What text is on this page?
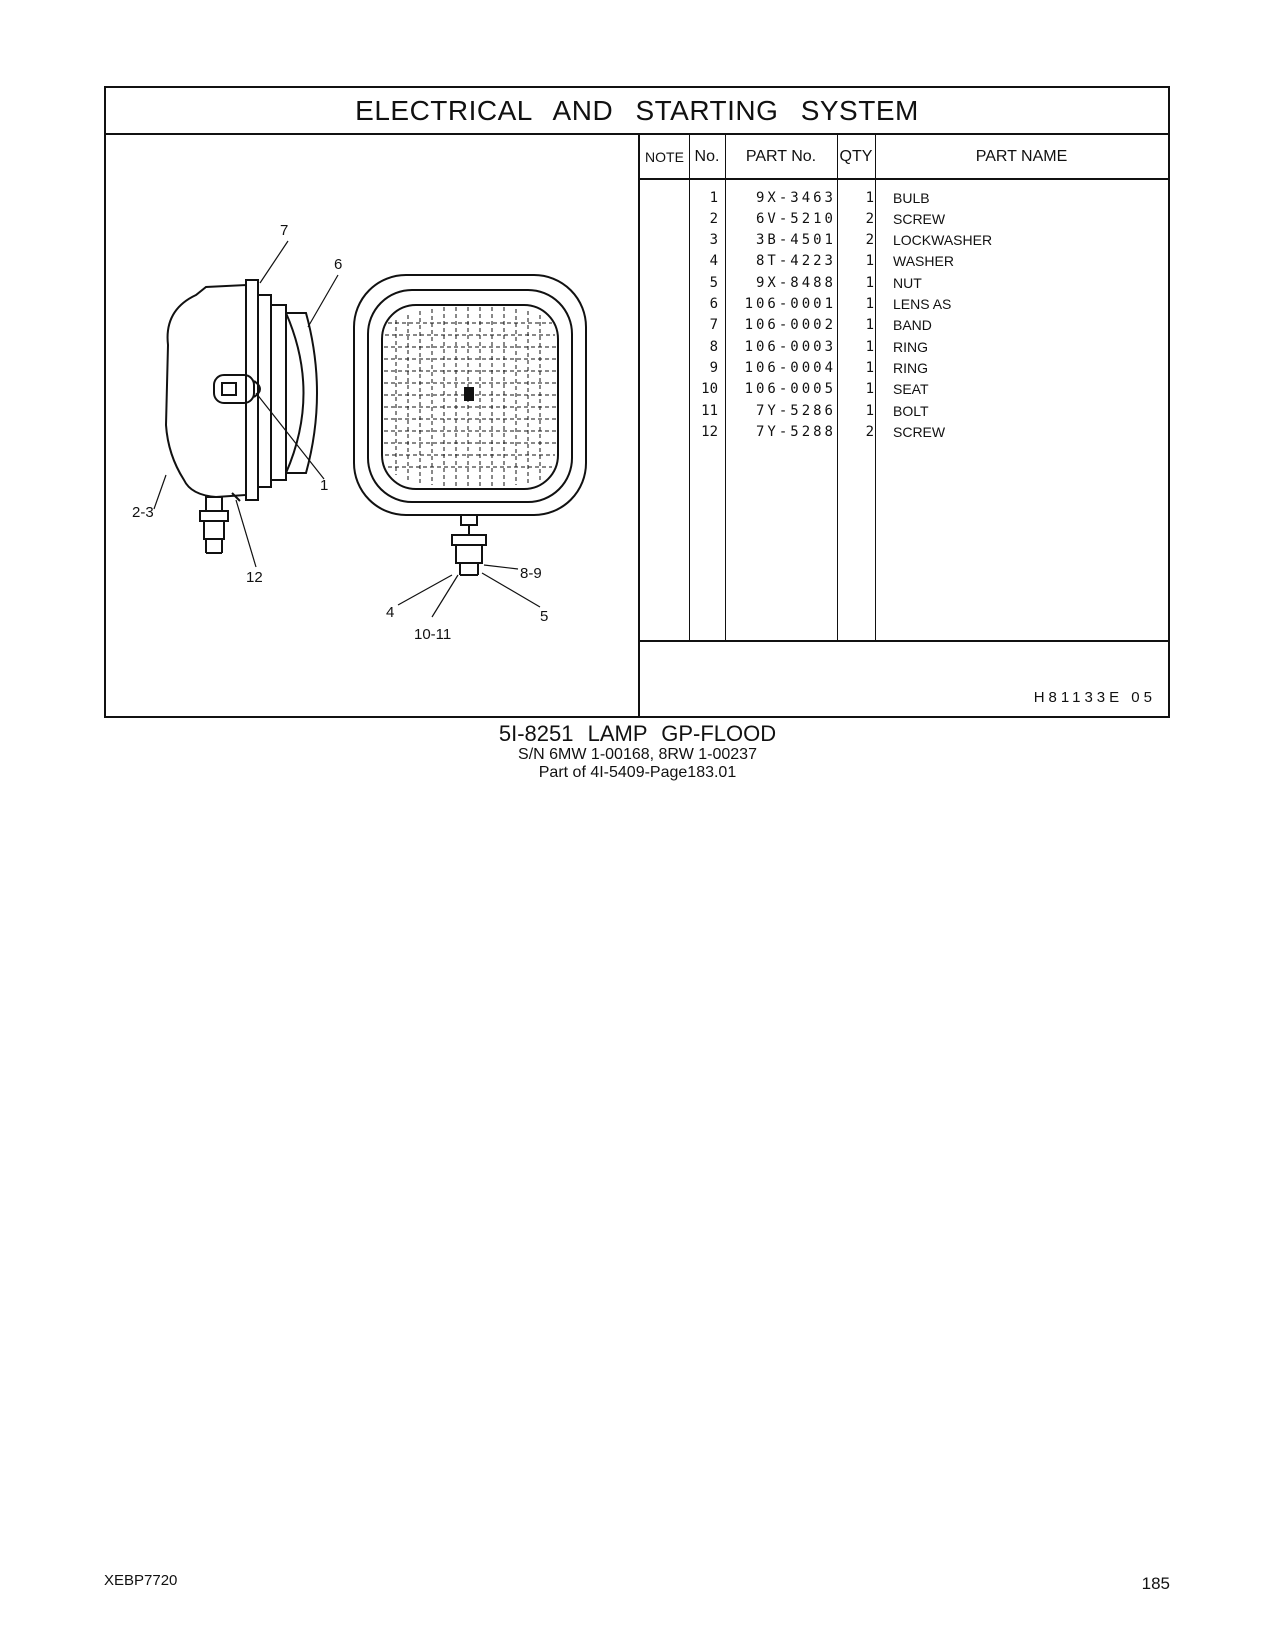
ELECTRICAL AND STARTING SYSTEM
7
6
1
2-3
12	8-9
4	5
10-11
NOTE No.	PART No.	QTY	PART NAME
1	9X-3463	1 BULB
2	6V-5210	2 SCREW
3	3B-4501	2 LOCKWASHER
4	8T-4223	1 WASHER
5	9X-8488	1 NUT
6	106-0001	1 LENS AS
7	106-0002	1 BAND
8	106-0003	1 RING
9	106-0004	1 RING
10	106-0005	1 SEAT
11	7Y-5286	1 BOLT
12	7Y-5288	2 SCREW
H81133E 05
5I-8251 LAMP GP-FLOOD
S/N 6MW 1-00168, 8RW 1-00237
Part of 4I-5409-Page183.01
XEBP7720	185
